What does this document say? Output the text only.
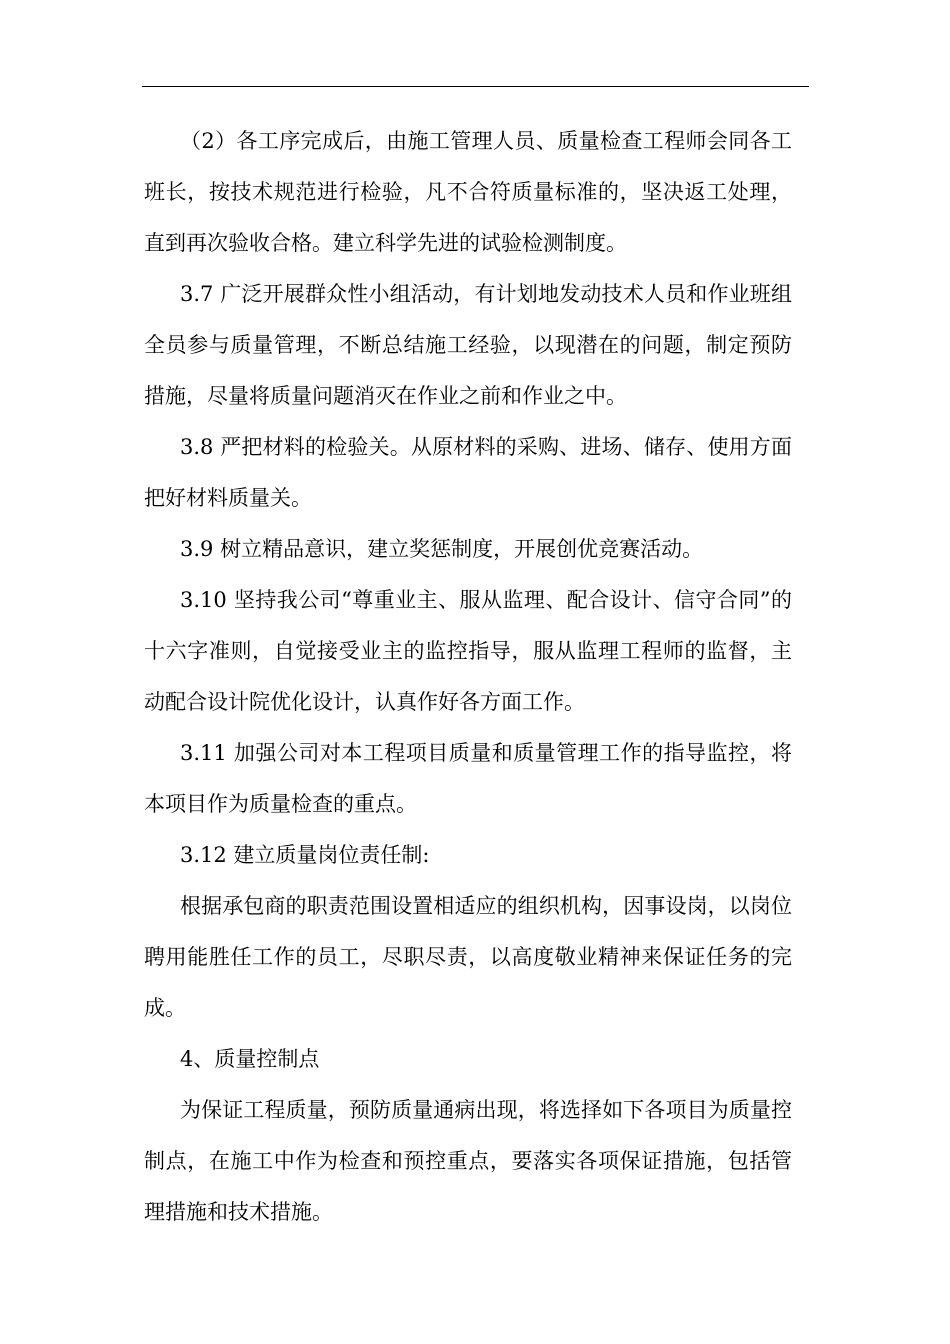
（2）各工序完成后，由施工管理人员、质量检查工程师会同各工班长，按技术规范进行检验，凡不合符质量标准的，坚决返工处理，直到再次验收合格。建立科学先进的试验检测制度。

3.7 广泛开展群众性小组活动，有计划地发动技术人员和作业班组全员参与质量管理，不断总结施工经验，以现潜在的问题，制定预防措施，尽量将质量问题消灭在作业之前和作业之中。

3.8 严把材料的检验关。从原材料的采购、进场、储存、使用方面把好材料质量关。

3.9 树立精品意识，建立奖惩制度，开展创优竞赛活动。

3.10 坚持我公司“尊重业主、服从监理、配合设计、信守合同”的十六字准则，自觉接受业主的监控指导，服从监理工程师的监督，主动配合设计院优化设计，认真作好各方面工作。

3.11 加强公司对本工程项目质量和质量管理工作的指导监控，将本项目作为质量检查的重点。

3.12 建立质量岗位责任制:

根据承包商的职责范围设置相适应的组织机构，因事设岗，以岗位聘用能胜任工作的员工，尽职尽责，以高度敬业精神来保证任务的完成。

4、质量控制点

为保证工程质量，预防质量通病出现，将选择如下各项目为质量控制点，在施工中作为检查和预控重点，要落实各项保证措施，包括管理措施和技术措施。
